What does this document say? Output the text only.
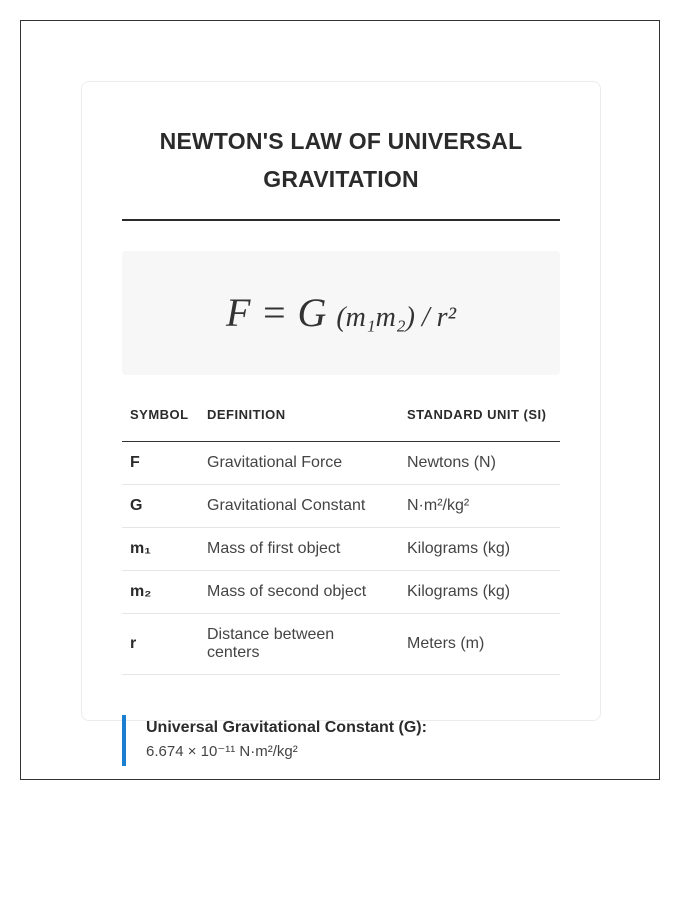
NEWTON'S LAW OF UNIVERSAL
GRAVITATION
F = G (m₁m₂) / r²
SYMBOL	DEFINITION	STANDARD UNIT (SI)
F	Gravitational Force	Newtons (N)
G	Gravitational Constant	N·m²/kg²
m₁	Mass of first object	Kilograms (kg)
m₂	Mass of second object	Kilograms (kg)
r	Distance between centers	Meters (m)
Universal Gravitational Constant (G):
6.674 × 10⁻¹¹ N·m²/kg²
